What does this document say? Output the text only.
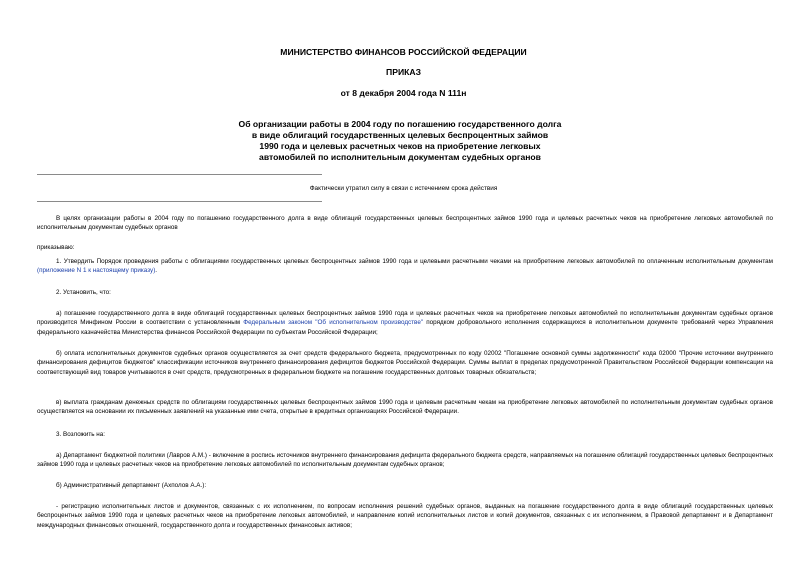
МИНИСТЕРСТВО ФИНАНСОВ РОССИЙСКОЙ ФЕДЕРАЦИИ

ПРИКАЗ

от 8 декабря 2004 года N 111н

Об организации работы в 2004 году по погашению государственного долга
в виде облигаций государственных целевых беспроцентных займов
1990 года и целевых расчетных чеков на приобретение легковых
автомобилей по исполнительным документам судебных органов

Фактически утратил силу в связи с истечением срока действия

В целях организации работы в 2004 году по погашению государственного долга в виде облигаций государственных целевых беспроцентных займов 1990 года и целевых расчетных чеков на приобретение легковых автомобилей по исполнительным документам судебных органов

приказываю:

1. Утвердить Порядок проведения работы с облигациями государственных целевых беспроцентных займов 1990 года и целевыми расчетными чеками на приобретение легковых автомобилей по оплаченным исполнительным документам (приложение N 1 к настоящему приказу).

2. Установить, что:

а) погашение государственного долга в виде облигаций государственных целевых беспроцентных займов 1990 года и целевых расчетных чеков на приобретение легковых автомобилей по исполнительным документам судебных органов производится Минфином России в соответствии с установленным Федеральным законом "Об исполнительном производстве" порядком добровольного исполнения содержащихся в исполнительном документе требований через Управления федерального казначейства Министерства финансов Российской Федерации по субъектам Российской Федерации;

б) оплата исполнительных документов судебных органов осуществляется за счет средств федерального бюджета, предусмотренных по коду 02002 "Погашение основной суммы задолженности" кода 02000 "Прочие источники внутреннего финансирования дефицитов бюджетов" классификации источников внутреннего финансирования дефицитов бюджетов Российской Федерации. Суммы выплат в пределах предусмотренной Правительством Российской Федерации компенсации на соответствующий вид товаров учитываются в счет средств, предусмотренных в федеральном бюджете на погашение государственных долговых товарных обязательств;

в) выплата гражданам денежных средств по облигациям государственных целевых беспроцентных займов 1990 года и целевым расчетным чекам на приобретение легковых автомобилей по исполнительным документам судебных органов осуществляется на основании их письменных заявлений на указанные ими счета, открытые в кредитных организациях Российской Федерации.

3. Возложить на:

а) Департамент бюджетной политики (Лавров А.М.) - включение в роспись источников внутреннего финансирования дефицита федерального бюджета средств, направляемых на погашение облигаций государственных целевых беспроцентных займов 1990 года и целевых расчетных чеков на приобретение легковых автомобилей по исполнительным документам судебных органов;

б) Административный департамент (Ахполов А.А.):

- регистрацию исполнительных листов и документов, связанных с их исполнением, по вопросам исполнения решений судебных органов, выданных на погашение государственного долга в виде облигаций государственных целевых беспроцентных займов 1990 года и целевых расчетных чеков на приобретение легковых автомобилей, и направление копий исполнительных листов и копий документов, связанных с их исполнением, в Правовой департамент и в Департамент международных финансовых отношений, государственного долга и государственных финансовых активов;
